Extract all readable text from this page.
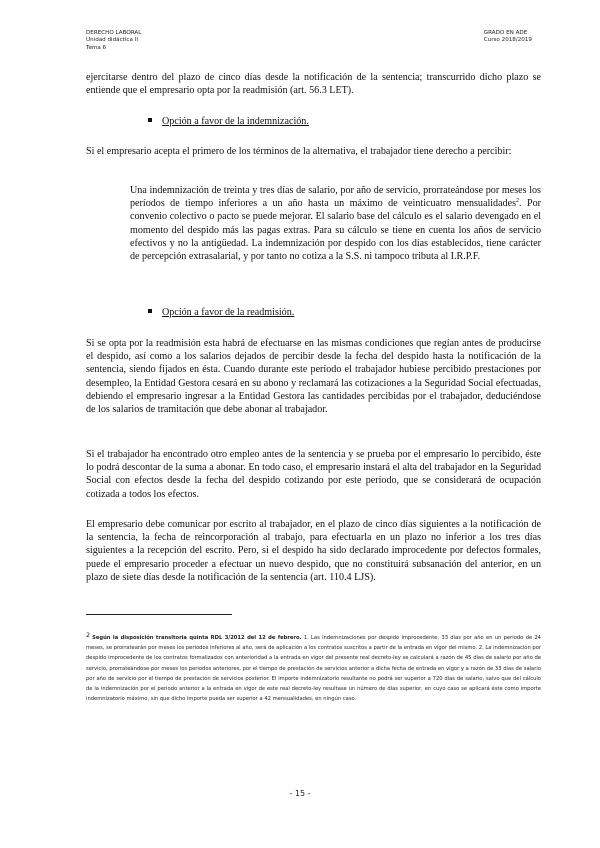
DERECHO LABORAL
Unidad didáctica II
Tema 6
GRADO EN ADE
Curso 2018/2019

ejercitarse dentro del plazo de cinco días desde la notificación de la sentencia; transcurrido dicho plazo se entiende que el empresario opta por la readmisión (art. 56.3 LET).

Opción a favor de la indemnización.

Si el empresario acepta el primero de los términos de la alternativa, el trabajador tiene derecho a percibir:

Una indemnización de treinta y tres días de salario, por año de servicio, prorrateándose por meses los períodos de tiempo inferiores a un año hasta un máximo de veinticuatro mensualidades$^2$. Por convenio colectivo o pacto se puede mejorar. El salario base del cálculo es el salario devengado en el momento del despido más las pagas extras. Para su cálculo se tiene en cuenta los años de servicio efectivos y no la antigüedad. La indemnización por despido con los días establecidos, tiene carácter de percepción extrasalarial, y por tanto no cotiza a la S.S. ni tampoco tributa al I.R.P.F.

Opción a favor de la readmisión.

Si se opta por la readmisión esta habrá de efectuarse en las mismas condiciones que regían antes de producirse el despido, así como a los salarios dejados de percibir desde la fecha del despido hasta la notificación de la sentencia, siendo fijados en ésta. Cuando durante este período el trabajador hubiese percibido prestaciones por desempleo, la Entidad Gestora cesará en su abono y reclamará las cotizaciones a la Seguridad Social efectuadas, debiendo el empresario ingresar a la Entidad Gestora las cantidades percibidas por el trabajador, deduciéndose de los salarios de tramitación que debe abonar al trabajador.

Si el trabajador ha encontrado otro empleo antes de la sentencia y se prueba por el empresario lo percibido, éste lo podrá descontar de la suma a abonar. En todo caso, el empresario instará el alta del trabajador en la Seguridad Social con efectos desde la fecha del despido cotizando por este período, que se considerará de ocupación cotizada a todos los efectos.

El empresario debe comunicar por escrito al trabajador, en el plazo de cinco días siguientes a la notificación de la sentencia, la fecha de reincorporación al trabajo, para efectuarla en un plazo no inferior a los tres días siguientes a la recepción del escrito. Pero, si el despido ha sido declarado improcedente por defectos formales, puede el empresario proceder a efectuar un nuevo despido, que no constituirá subsanación del anterior, en un plazo de siete días desde la notificación de la sentencia (art. 110.4 LJS).

2 Según la disposición transitoria quinta RDL 3/2012 del 12 de febrero. 1. Las indemnizaciones por despido improcedente, 33 días por año en un periodo de 24 meses, se prorratearán por meses los periodos inferiores al año, será de aplicación a los contratos suscritos a partir de la entrada en vigor del mismo. 2. La indemnización por despido improcedente de los contratos formalizados con anterioridad a la entrada en vigor del presente real decreto-ley se calculará a razón de 45 días de salario por año de servicio, prorrateándose por meses los periodos anteriores, por el tiempo de prestación de servicios anterior a dicha fecha de entrada en vigor y a razón de 33 días de salario por año de servicio por el tiempo de prestación de servicios posterior. El importe indemnizatorio resultante no podrá ser superior a 720 días de salario, salvo que del cálculo de la indemnización por el periodo anterior a la entrada en vigor de este real decreto-ley resultase un número de días superior, en cuyo caso se aplicará éste como importe indemnizatorio máximo, sin que dicho importe pueda ser superior a 42 mensualidades, en ningún caso.
- 15 -
